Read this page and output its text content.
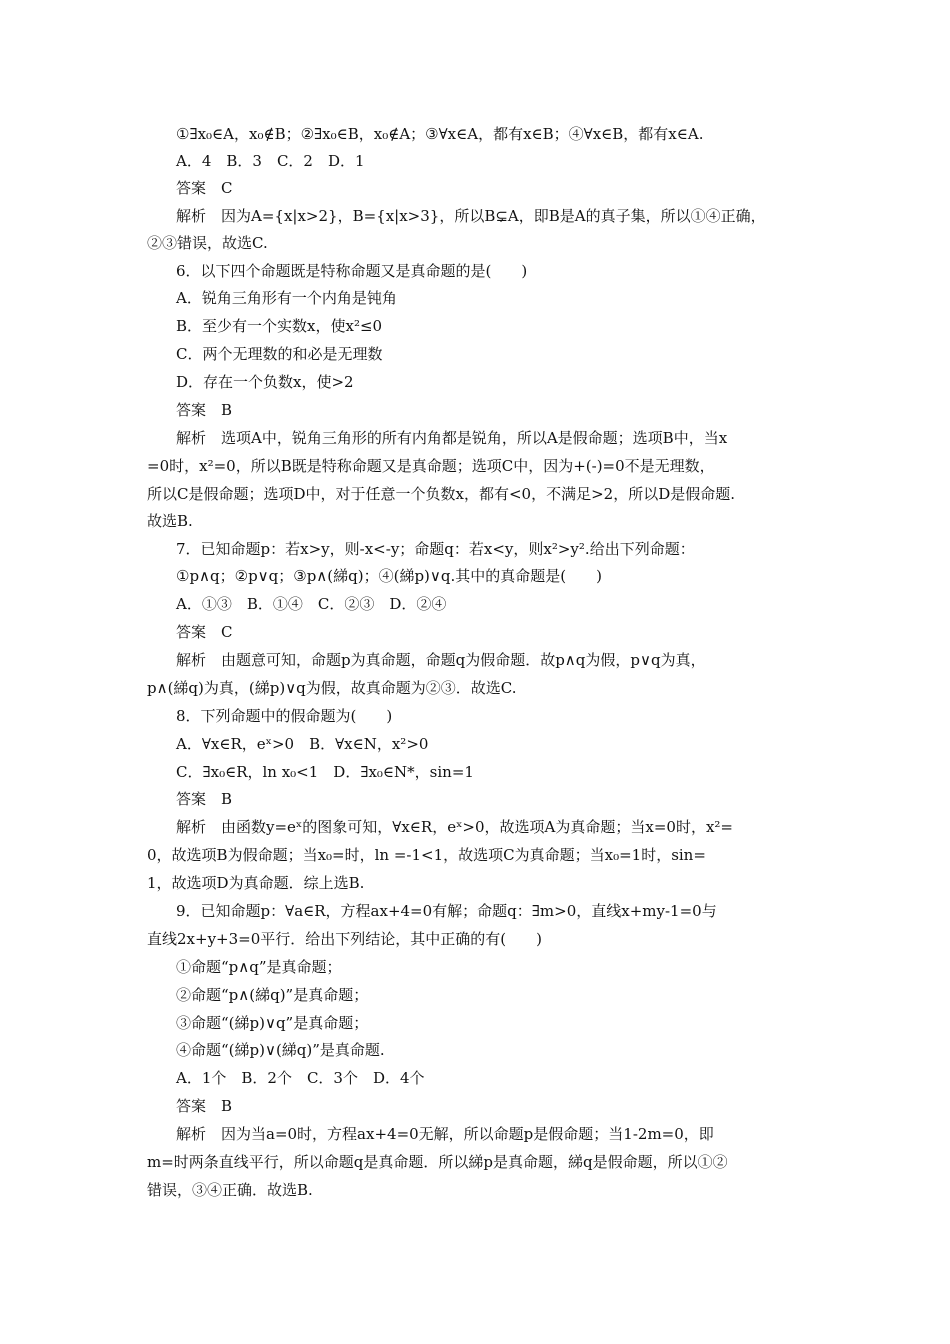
①∃x₀∈A，x₀∉B；②∃x₀∈B，x₀∉A；③∀x∈A，都有x∈B；④∀x∈B，都有x∈A.
A．4　B．3　C．2　D．1
答案　C
解析　因为A={x|x>2}，B={x|x>3}，所以B⊊A，即B是A的真子集，所以①④正确，
②③错误，故选C.
6．以下四个命题既是特称命题又是真命题的是(　　)
A．锐角三角形有一个内角是钝角
B．至少有一个实数x，使x²≤0
C．两个无理数的和必是无理数
D．存在一个负数x，使>2
答案　B
解析　选项A中，锐角三角形的所有内角都是锐角，所以A是假命题；选项B中，当x
=0时，x²=0，所以B既是特称命题又是真命题；选项C中，因为+(-)=0不是无理数，
所以C是假命题；选项D中，对于任意一个负数x，都有<0，不满足>2，所以D是假命题.
故选B.
7．已知命题p：若x>y，则-x<-y；命题q：若x<y，则x²>y².给出下列命题：
①p∧q；②p∨q；③p∧(綈q)；④(綈p)∨q.其中的真命题是(　　)
A．①③　B．①④　C．②③　D．②④
答案　C
解析　由题意可知，命题p为真命题，命题q为假命题．故p∧q为假，p∨q为真，
p∧(綈q)为真，(綈p)∨q为假，故真命题为②③．故选C.
8．下列命题中的假命题为(　　)
A．∀x∈R，eˣ>0　B．∀x∈N，x²>0
C．∃x₀∈R，ln x₀<1　D．∃x₀∈N*，sin=1
答案　B
解析　由函数y=eˣ的图象可知，∀x∈R，eˣ>0，故选项A为真命题；当x=0时，x²=
0，故选项B为假命题；当x₀=时，ln =-1<1，故选项C为真命题；当x₀=1时，sin=
1，故选项D为真命题．综上选B.
9．已知命题p：∀a∈R，方程ax+4=0有解；命题q：∃m>0，直线x+my-1=0与
直线2x+y+3=0平行．给出下列结论，其中正确的有(　　)
①命题“p∧q”是真命题；
②命题“p∧(綈q)”是真命题；
③命题“(綈p)∨q”是真命题；
④命题“(綈p)∨(綈q)”是真命题.
A．1个　B．2个　C．3个　D．4个
答案　B
解析　因为当a=0时，方程ax+4=0无解，所以命题p是假命题；当1-2m=0，即
m=时两条直线平行，所以命题q是真命题．所以綈p是真命题，綈q是假命题，所以①②
错误，③④正确．故选B.
